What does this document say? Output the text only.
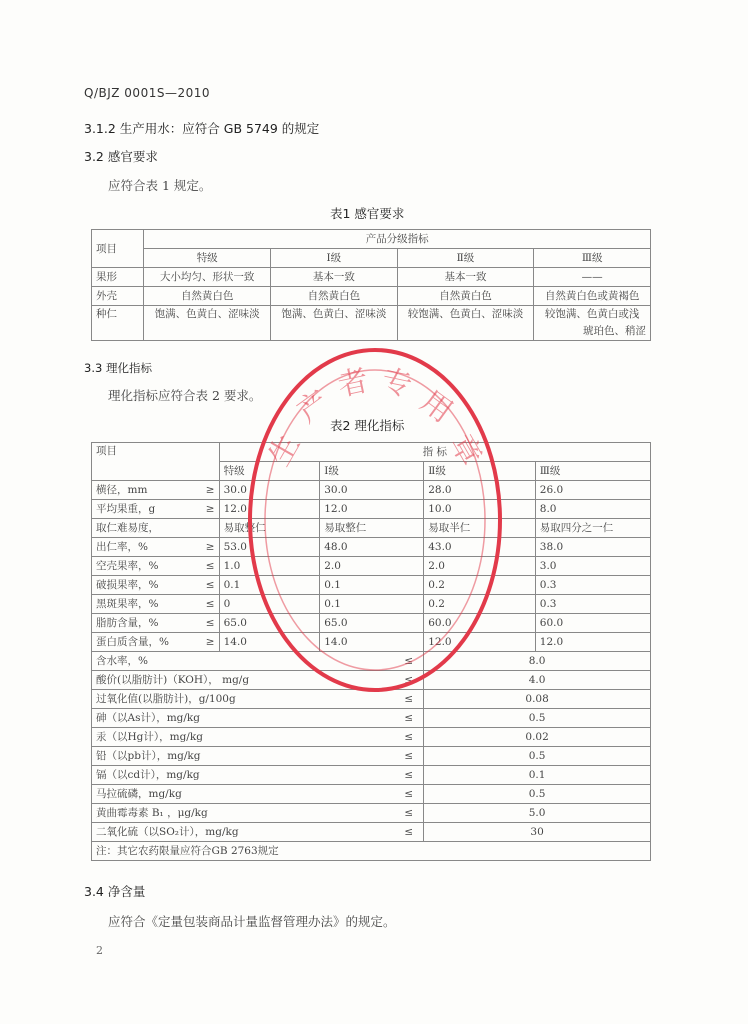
Q/BJZ 0001S—2010
3.1.2 生产用水：应符合 GB 5749 的规定
3.2 感官要求
应符合表 1 规定。
表1 感官要求
项目	产品分级指标			
	特级	Ⅰ级	Ⅱ级	Ⅲ级
果形	大小均匀、形状一致	基本一致	基本一致	——
外壳	自然黄白色	自然黄白色	自然黄白色	自然黄白色或黄褐色
种仁	饱满、色黄白、涩味淡	饱满、色黄白、涩味淡	较饱满、色黄白、涩味淡	较饱满、色黄白或浅
琥珀色、稍涩
3.3 理化指标
理化指标应符合表 2 要求。
表2 理化指标
项目		指 标			
		特级	Ⅰ级	Ⅱ级	Ⅲ级
横径，mm	≥	30.0	30.0	28.0	26.0
平均果重，g	≥	12.0	12.0	10.0	8.0
取仁难易度，		易取整仁	易取整仁	易取半仁	易取四分之一仁
出仁率，%	≥	53.0	48.0	43.0	38.0
空壳果率，%	≤	1.0	2.0	2.0	3.0
破损果率，%	≤	0.1	0.1	0.2	0.3
黑斑果率，%	≤	0	0.1	0.2	0.3
脂肪含量，%	≤	65.0	65.0	60.0	60.0
蛋白质含量，%	≥	14.0	14.0	12.0	12.0
含水率，%			≤	8.0	
酸价(以脂肪计)（KOH）， mg/g			≤	4.0	
过氧化值(以脂肪计)，g/100g			≤	0.08	
砷（以As计），mg/kg			≤	0.5	
汞（以Hg计），mg/kg			≤	0.02	
铅（以pb计），mg/kg			≤	0.5	
镉（以cd计），mg/kg			≤	0.1	
马拉硫磷，mg/kg			≤	0.5	
黄曲霉毒素 B₁ ，μg/kg			≤	5.0	
二氧化硫（以SO₂计），mg/kg			≤	30	
注：其它农药限量应符合GB 2763规定					
3.4 净含量
应符合《定量包装商品计量监督管理办法》的规定。
2
生
产
者 专
用
章
